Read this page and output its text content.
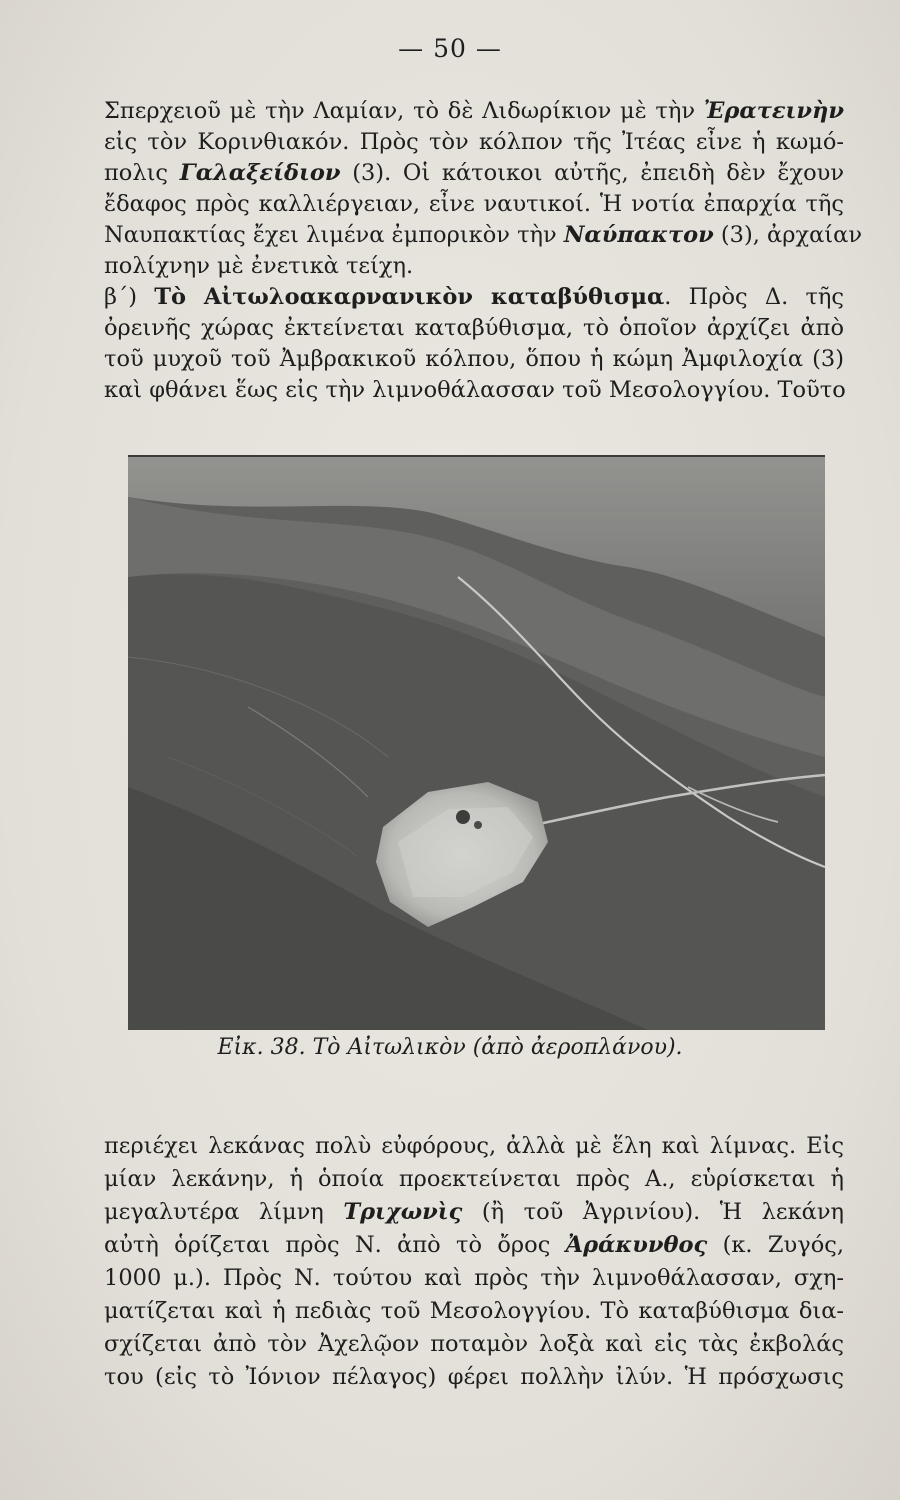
— 50 —

Σπερχειοῦ μὲ τὴν Λαμίαν, τὸ δὲ Λιδωρίκιον μὲ τὴν Ἐρατεινὴν
εἰς τὸν Κορινθιακόν. Πρὸς τὸν κόλπον τῆς Ἰτέας εἶνε ἡ κωμό-
πολις Γαλαξείδιον (3). Οἱ κάτοικοι αὐτῆς, ἐπειδὴ δὲν ἔχουν
ἔδαφος πρὸς καλλιέργειαν, εἶνε ναυτικοί. Ἡ νοτία ἐπαρχία τῆς
Ναυπακτίας ἔχει λιμένα ἐμπορικὸν τὴν Ναύπακτον (3), ἀρχαίαν
πολίχνην μὲ ἐνετικὰ τείχη.

β΄) Τὸ Αἰτωλοακαρνανικὸν καταβύθισμα. Πρὸς Δ. τῆς
ὀρεινῆς χώρας ἐκτείνεται καταβύθισμα, τὸ ὁποῖον ἀρχίζει ἀπὸ
τοῦ μυχοῦ τοῦ Ἀμβρακικοῦ κόλπου, ὅπου ἡ κώμη Ἀμφιλοχία (3)
καὶ φθάνει ἕως εἰς τὴν λιμνοθάλασσαν τοῦ Μεσολογγίου. Τοῦτο

Εἰκ. 38. Τὸ Αἰτωλικὸν (ἀπὸ ἀεροπλάνου).

περιέχει λεκάνας πολὺ εὐφόρους, ἀλλὰ μὲ ἕλη καὶ λίμνας. Εἰς
μίαν λεκάνην, ἡ ὁποία προεκτείνεται πρὸς Α., εὑρίσκεται ἡ
μεγαλυτέρα λίμνη Τριχωνὶς (ἢ τοῦ Ἀγρινίου). Ἡ λεκάνη
αὐτὴ ὁρίζεται πρὸς Ν. ἀπὸ τὸ ὄρος Ἀράκυνθος (κ. Ζυγός,
1000 μ.). Πρὸς Ν. τούτου καὶ πρὸς τὴν λιμνοθάλασσαν, σχη-
ματίζεται καὶ ἡ πεδιὰς τοῦ Μεσολογγίου. Τὸ καταβύθισμα δια-
σχίζεται ἀπὸ τὸν Ἀχελῷον ποταμὸν λοξὰ καὶ εἰς τὰς ἐκβολάς
του (εἰς τὸ Ἰόνιον πέλαγος) φέρει πολλὴν ἰλύν. Ἡ πρόσχωσις
